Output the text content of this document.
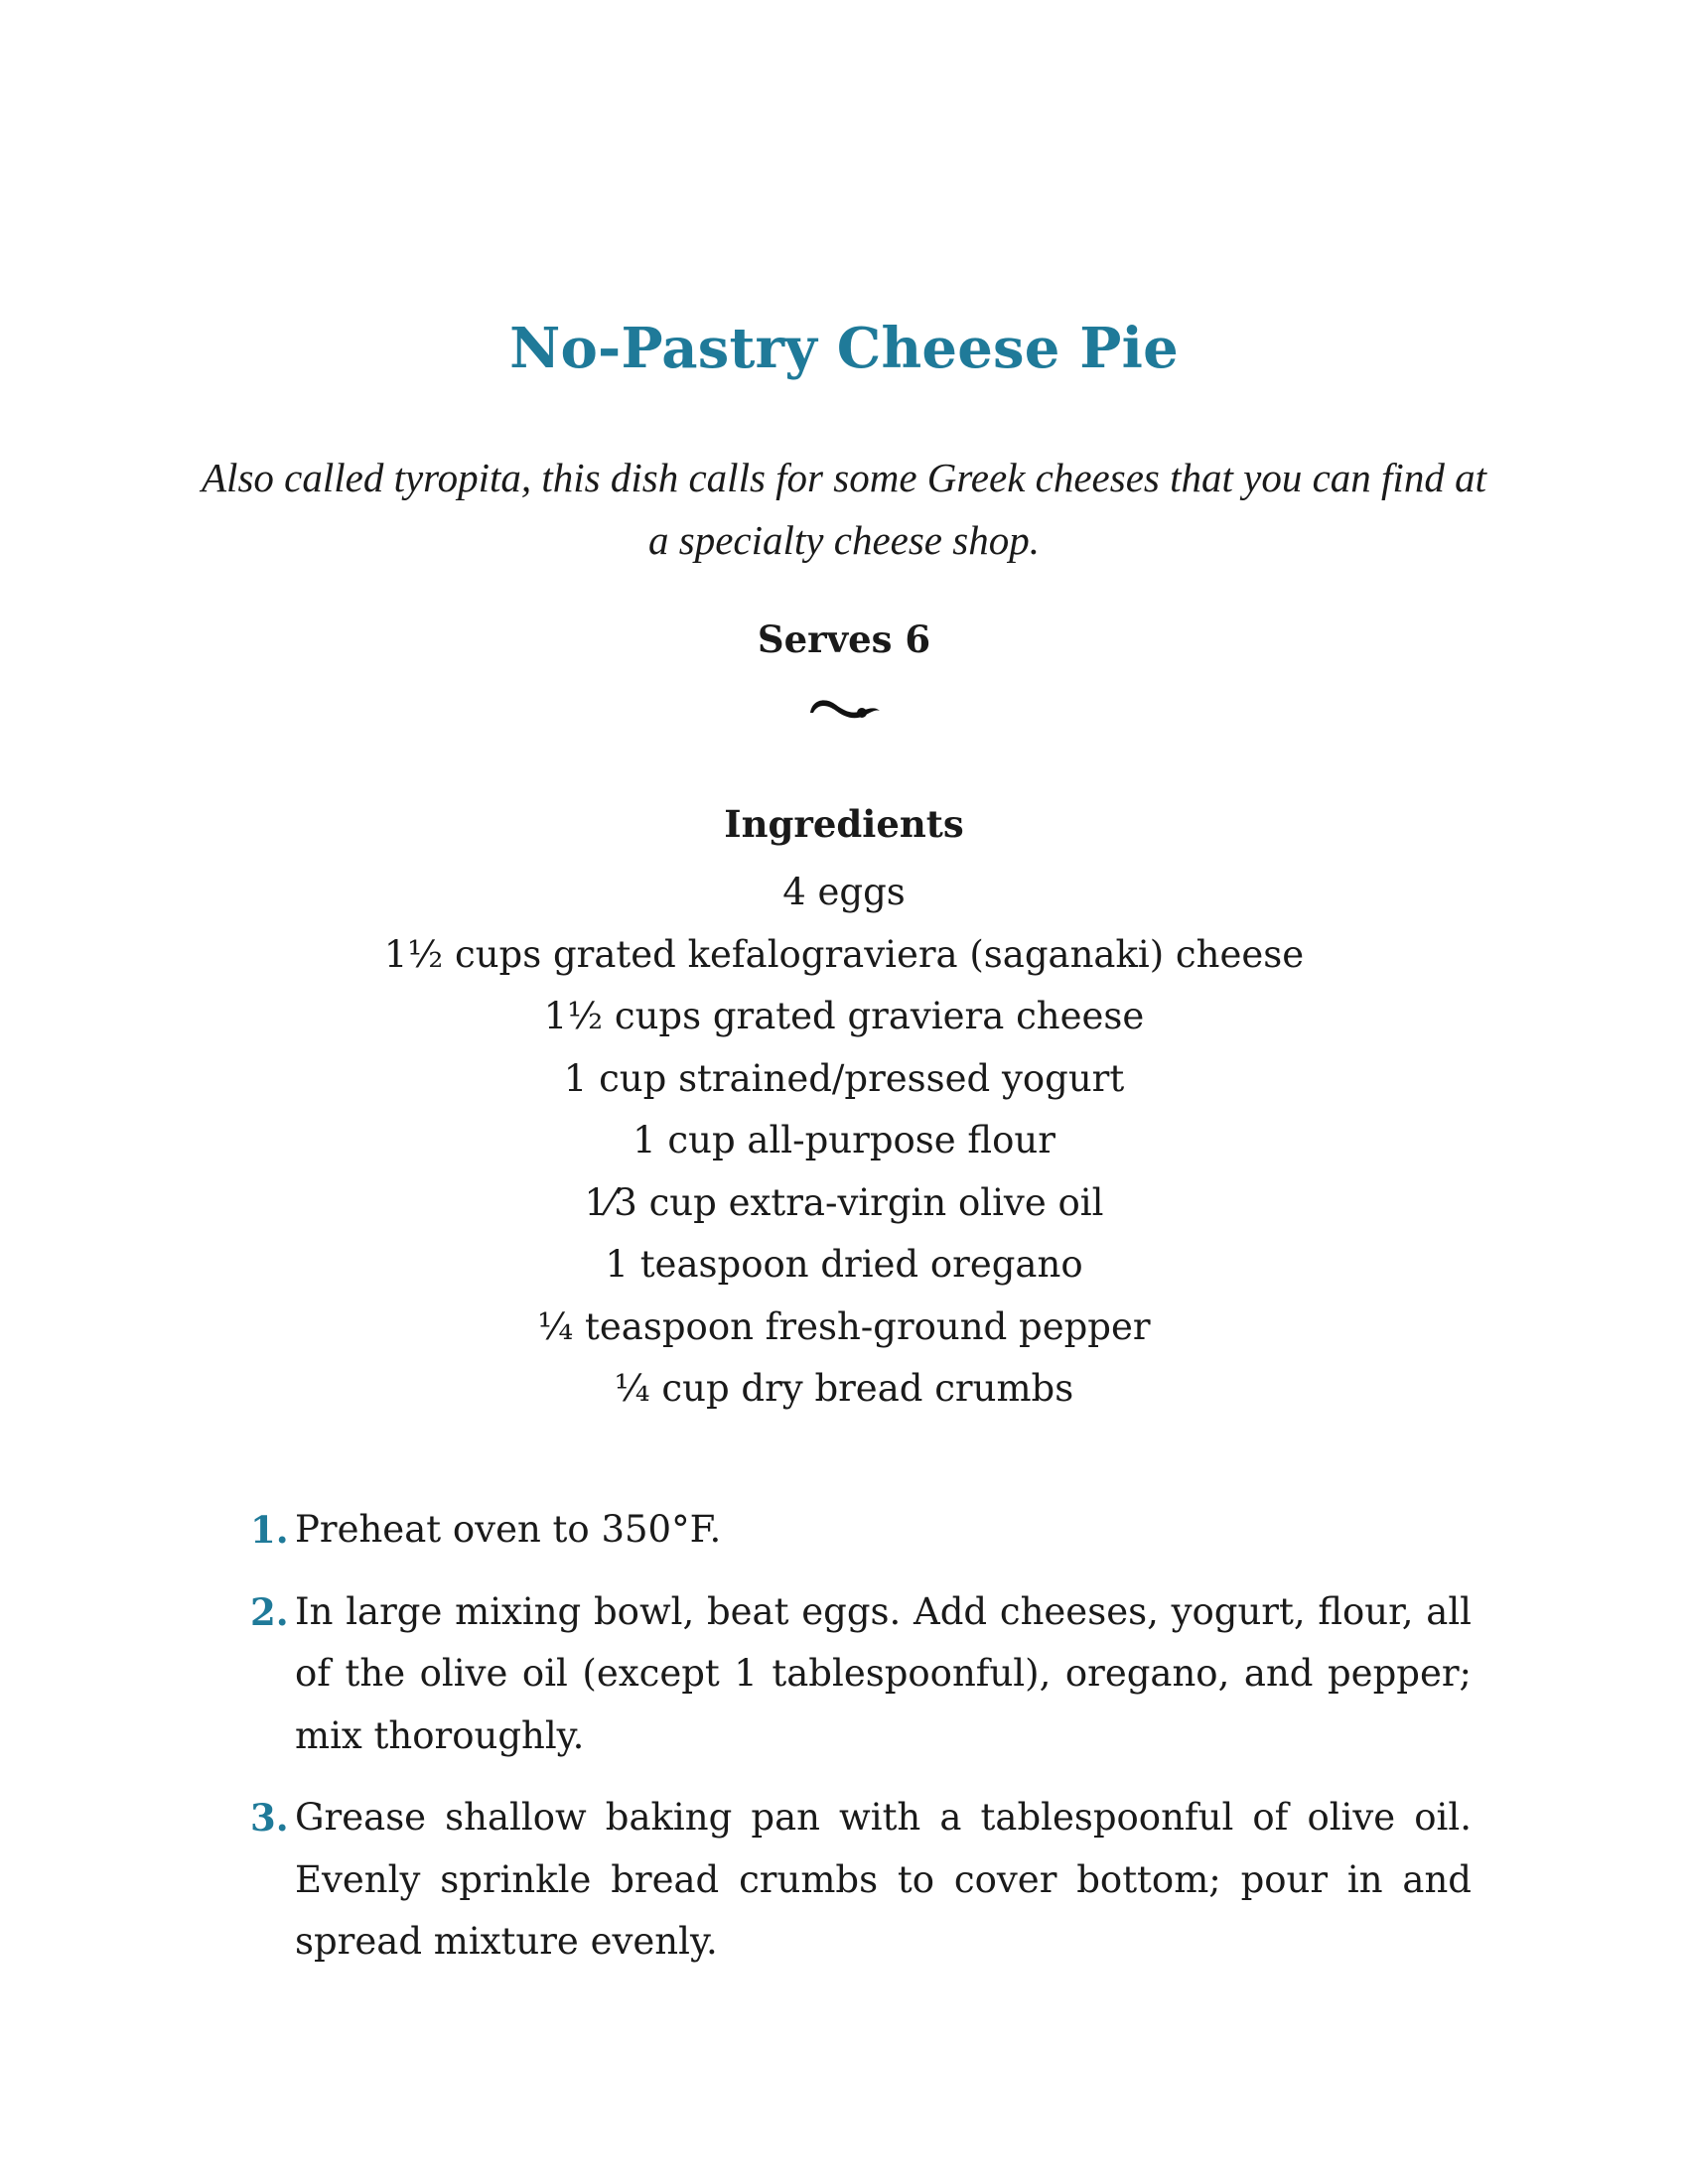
No-Pastry Cheese Pie
Also called tyropita, this dish calls for some Greek cheeses that you can find at a specialty cheese shop.
Serves 6
Ingredients
4 eggs
1½ cups grated kefalograviera (saganaki) cheese
1½ cups grated graviera cheese
1 cup strained/pressed yogurt
1 cup all-purpose flour
1⁄3 cup extra-virgin olive oil
1 teaspoon dried oregano
¼ teaspoon fresh-ground pepper
¼ cup dry bread crumbs
1. Preheat oven to 350°F.
2. In large mixing bowl, beat eggs. Add cheeses, yogurt, flour, all of the olive oil (except 1 tablespoonful), oregano, and pepper; mix thoroughly.
3. Grease shallow baking pan with a tablespoonful of olive oil. Evenly sprinkle bread crumbs to cover bottom; pour in and spread mixture evenly.
